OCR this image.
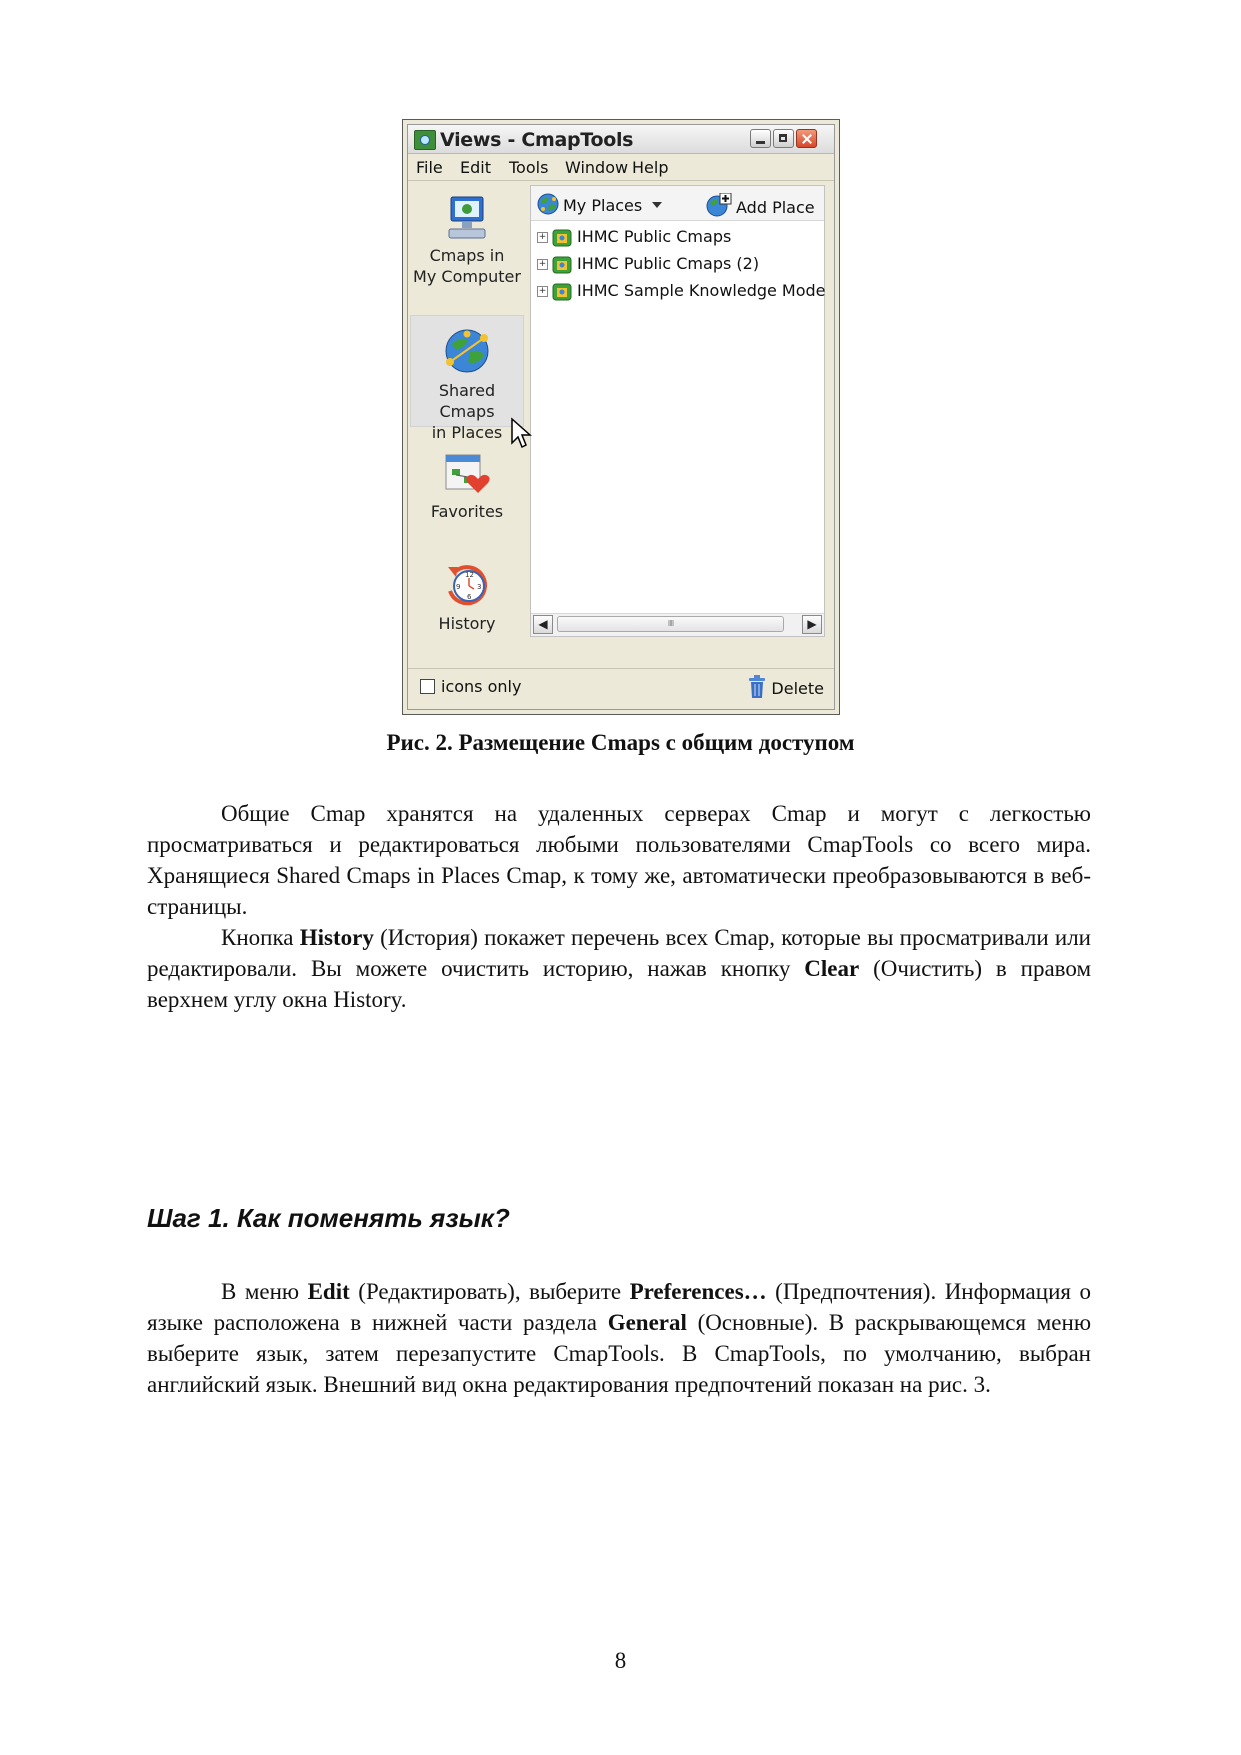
Views - CmapTools
File Edit Tools Window Help
Cmaps in
My Computer
Shared Cmaps
in Places
Favorites
12
3
6
9
History
My Places	Add Place
+ IHMC Public Cmaps
+ IHMC Public Cmaps (2)
+ IHMC Sample Knowledge Mode
◀ IIII	▶
icons only	Delete
Рис. 2. Размещение Cmaps с общим доступом

Общие Cmap хранятся на удаленных серверах Cmap и могут с легкостью просматриваться и редактироваться любыми пользователями CmapTools со всего мира. Хранящиеся Shared Cmaps in Places Cmap, к тому же, автоматически преобразовываются в веб-страницы.

Кнопка History (История) покажет перечень всех Cmap, которые вы просматривали или редактировали. Вы можете очистить историю, нажав кнопку Clear (Очистить) в правом верхнем углу окна History.

Шаг 1. Как поменять язык?

В меню Edit (Редактировать), выберите Preferences… (Предпочтения). Информация о языке расположена в нижней части раздела General (Основные). В раскрывающемся меню выберите язык, затем перезапустите CmapTools. В CmapTools, по умолчанию, выбран английский язык. Внешний вид окна редактирования предпочтений показан на рис. 3.

8
